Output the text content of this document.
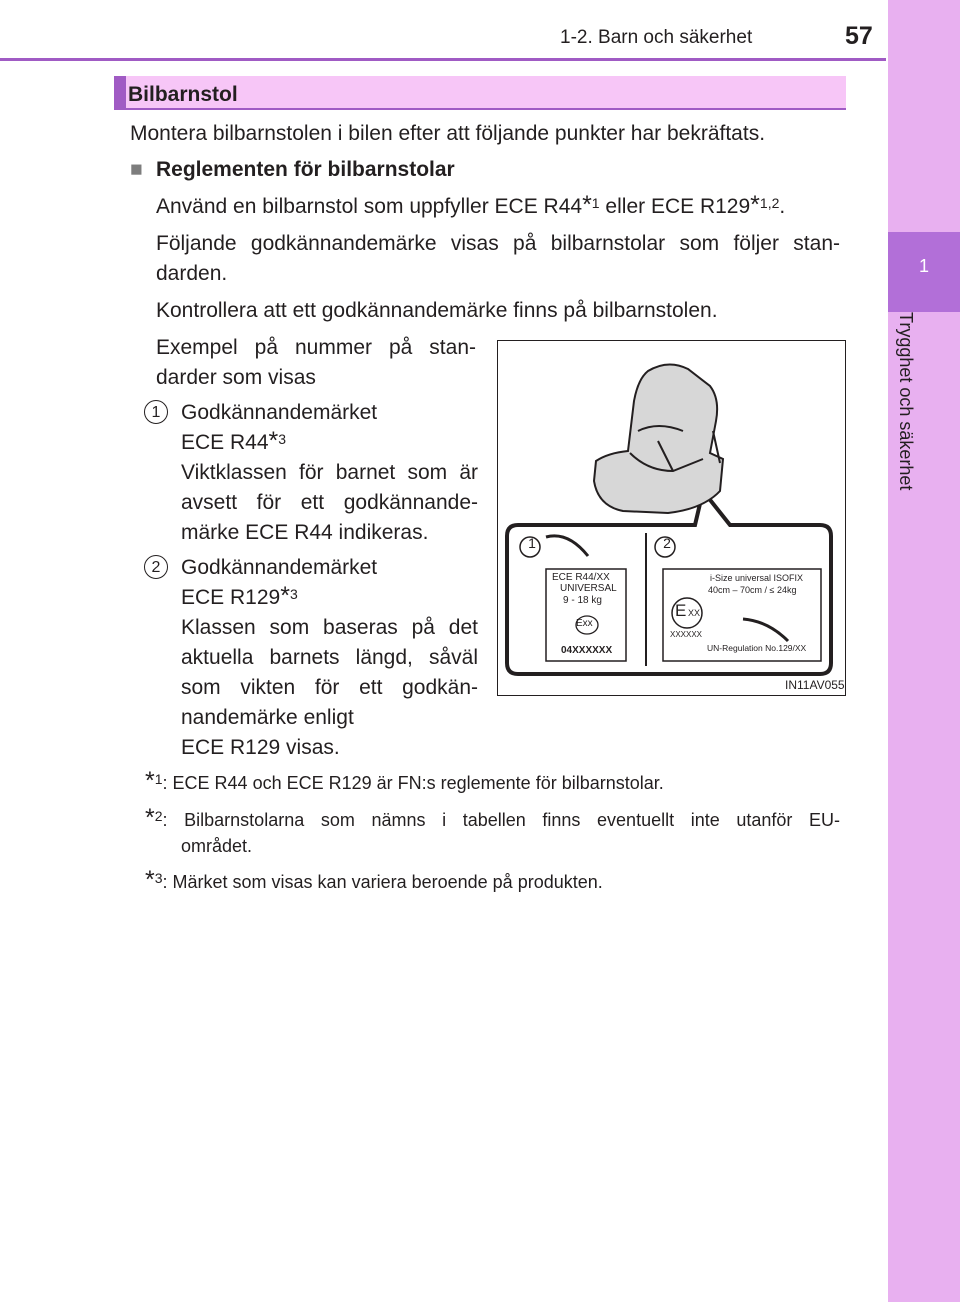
1-2. Barn och säkerhet	57
1
Trygghet och säkerhet
Bilbarnstol
Montera bilbarnstolen i bilen efter att följande punkter har bekräftats.
■ Reglementen för bilbarnstolar
Använd en bilbarnstol som uppfyller ECE R44*$^1$ eller ECE R129*$^{1,2}$.
Följande godkännandemärke visas på bilbarnstolar som följer stan-
darden.
Kontrollera att ett godkännandemärke finns på bilbarnstolen.
Exempel på nummer på stan-
darder som visas
1 Godkännandemärket
ECE R44*$^3$
Viktklassen för barnet som är
avsett för ett godkännande-
märke ECE R44 indikeras.
2 Godkännandemärket
ECE R129*$^3$
Klassen som baseras på det
aktuella barnets längd, såväl
som vikten för ett godkän-
nandemärke enligt
ECE R129 visas.
1	2
ECE R44/XX
UNIVERSAL
9 - 18 kg
Exx
04XXXXXX
i-Size universal ISOFIX
40cm – 70cm / ≤ 24kg
E XX
XXXXXX
UN-Regulation No.129/XX
IN11AV055
*$^1$: ECE R44 och ECE R129 är FN:s reglemente för bilbarnstolar.
*$^2$: Bilbarnstolarna som nämns i tabellen finns eventuellt inte utanför EU-
området.
*$^3$: Märket som visas kan variera beroende på produkten.
